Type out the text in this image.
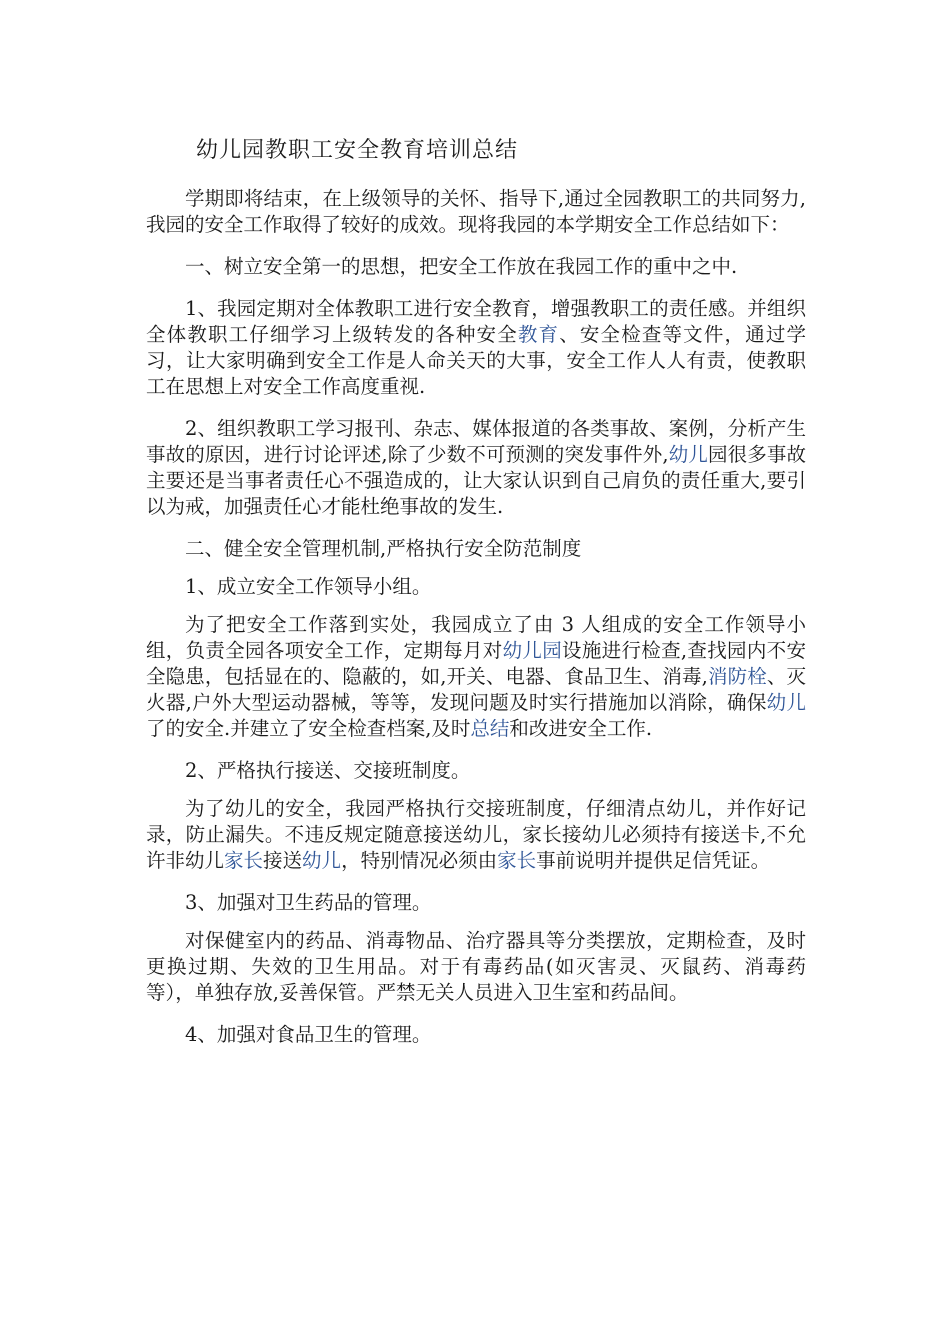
幼儿园教职工安全教育培训总结

学期即将结束，在上级领导的关怀、指导下,通过全园教职工的共同努力,我园的安全工作取得了较好的成效。现将我园的本学期安全工作总结如下：

一、树立安全第一的思想，把安全工作放在我园工作的重中之中.

1、我园定期对全体教职工进行安全教育，增强教职工的责任感。并组织全体教职工仔细学习上级转发的各种安全教育、安全检查等文件，通过学习，让大家明确到安全工作是人命关天的大事，安全工作人人有责，使教职工在思想上对安全工作高度重视.

2、组织教职工学习报刊、杂志、媒体报道的各类事故、案例，分析产生事故的原因，进行讨论评述,除了少数不可预测的突发事件外,幼儿园很多事故主要还是当事者责任心不强造成的，让大家认识到自己肩负的责任重大,要引以为戒，加强责任心才能杜绝事故的发生.

二、健全安全管理机制,严格执行安全防范制度

1、成立安全工作领导小组。

为了把安全工作落到实处，我园成立了由 3 人组成的安全工作领导小组，负责全园各项安全工作，定期每月对幼儿园设施进行检查,查找园内不安全隐患，包括显在的、隐蔽的，如,开关、电器、食品卫生、消毒,消防栓、灭火器,户外大型运动器械，等等，发现问题及时实行措施加以消除，确保幼儿了的安全.并建立了安全检查档案,及时总结和改进安全工作.

2、严格执行接送、交接班制度。

为了幼儿的安全，我园严格执行交接班制度，仔细清点幼儿，并作好记录，防止漏失。不违反规定随意接送幼儿，家长接幼儿必须持有接送卡,不允许非幼儿家长接送幼儿，特别情况必须由家长事前说明并提供足信凭证。

3、加强对卫生药品的管理。

对保健室内的药品、消毒物品、治疗器具等分类摆放，定期检查，及时更换过期、失效的卫生用品。对于有毒药品(如灭害灵、灭鼠药、消毒药等），单独存放,妥善保管。严禁无关人员进入卫生室和药品间。

4、加强对食品卫生的管理。
